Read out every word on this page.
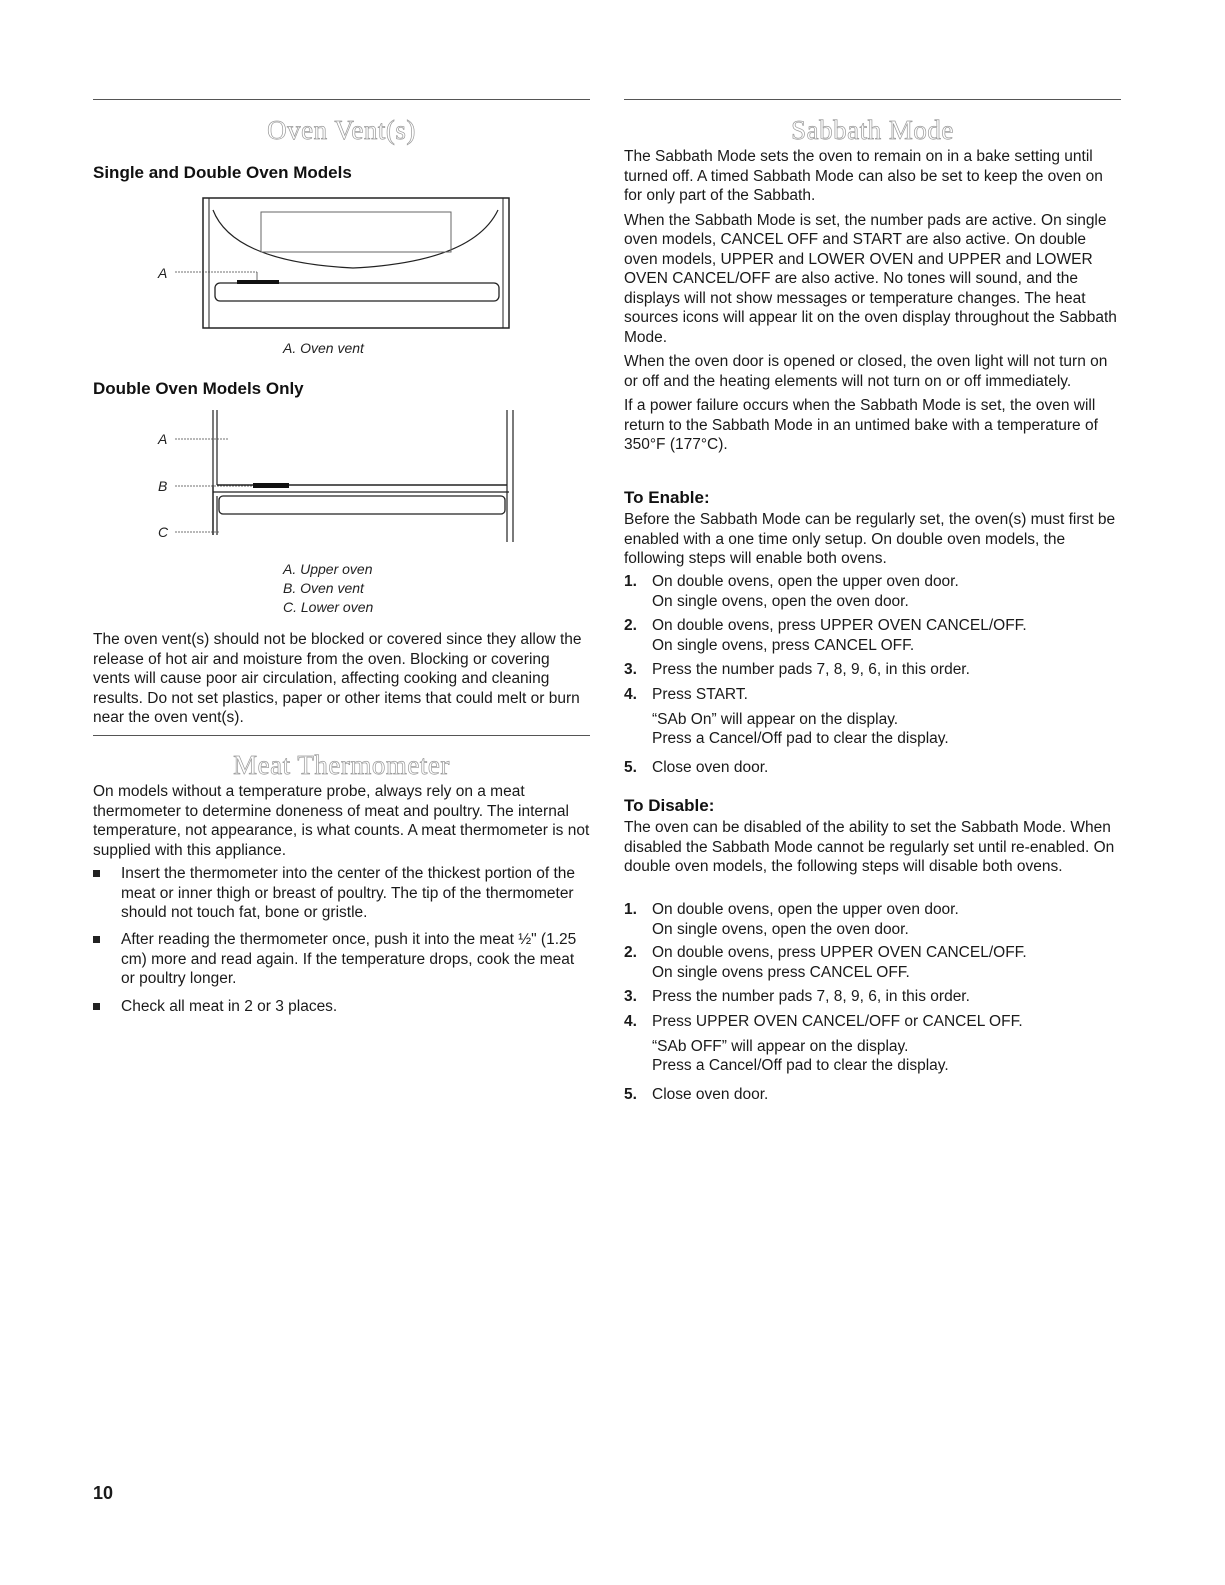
Oven Vent(s)
Single and Double Oven Models
A
A. Oven vent
Double Oven Models Only
A
B
C
A. Upper oven
B. Oven vent
C. Lower oven

The oven vent(s) should not be blocked or covered since they allow the release of hot air and moisture from the oven. Blocking or covering vents will cause poor air circulation, affecting cooking and cleaning results. Do not set plastics, paper or other items that could melt or burn near the oven vent(s).

Meat Thermometer

On models without a temperature probe, always rely on a meat thermometer to determine doneness of meat and poultry. The internal temperature, not appearance, is what counts. A meat thermometer is not supplied with this appliance.

Insert the thermometer into the center of the thickest portion of the meat or inner thigh or breast of poultry. The tip of the thermometer should not touch fat, bone or gristle.
After reading the thermometer once, push it into the meat ½" (1.25 cm) more and read again. If the temperature drops, cook the meat or poultry longer.
Check all meat in 2 or 3 places.
Sabbath Mode

The Sabbath Mode sets the oven to remain on in a bake setting until turned off. A timed Sabbath Mode can also be set to keep the oven on for only part of the Sabbath.

When the Sabbath Mode is set, the number pads are active. On single oven models, CANCEL OFF and START are also active. On double oven models, UPPER and LOWER OVEN and UPPER and LOWER OVEN CANCEL/OFF are also active. No tones will sound, and the displays will not show messages or temperature changes. The heat sources icons will appear lit on the oven display throughout the Sabbath Mode.

When the oven door is opened or closed, the oven light will not turn on or off and the heating elements will not turn on or off immediately.

If a power failure occurs when the Sabbath Mode is set, the oven will return to the Sabbath Mode in an untimed bake with a temperature of 350°F (177°C).

To Enable:

Before the Sabbath Mode can be regularly set, the oven(s) must first be enabled with a one time only setup. On double oven models, the following steps will enable both ovens.

1. On double ovens, open the upper oven door.
On single ovens, open the oven door.
2. On double ovens, press UPPER OVEN CANCEL/OFF.
On single ovens, press CANCEL OFF.
3. Press the number pads 7, 8, 9, 6, in this order.
4. Press START.
“SAb On” will appear on the display.
Press a Cancel/Off pad to clear the display.
5. Close oven door.
To Disable:

The oven can be disabled of the ability to set the Sabbath Mode. When disabled the Sabbath Mode cannot be regularly set until re-enabled. On double oven models, the following steps will disable both ovens.

1. On double ovens, open the upper oven door.
On single ovens, open the oven door.
2. On double ovens, press UPPER OVEN CANCEL/OFF.
On single ovens press CANCEL OFF.
3. Press the number pads 7, 8, 9, 6, in this order.
4. Press UPPER OVEN CANCEL/OFF or CANCEL OFF.
“SAb OFF” will appear on the display.
Press a Cancel/Off pad to clear the display.
5. Close oven door.
10
